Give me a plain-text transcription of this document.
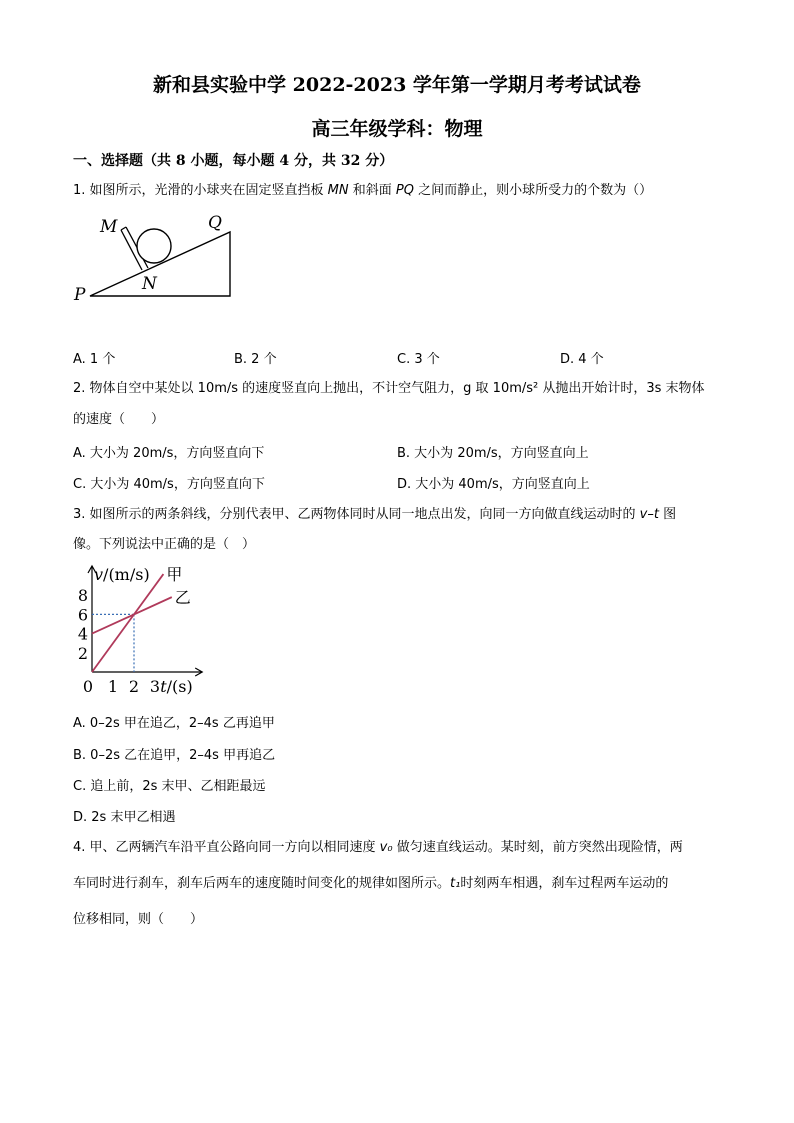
新和县实验中学 2022-2023 学年第一学期月考考试试卷
高三年级学科：物理
一、选择题（共 8 小题，每小题 4 分，共 32 分）
1. 如图所示，光滑的小球夹在固定竖直挡板 MN 和斜面 PQ 之间而静止，则小球所受力的个数为（）
M	Q
N
P
A. 1 个	B. 2 个	C. 3 个	D. 4 个
2. 物体自空中某处以 10m/s 的速度竖直向上抛出，不计空气阻力，g 取 10m/s² 从抛出开始计时，3s 末物体
的速度（　　）
A. 大小为 20m/s，方向竖直向下	B. 大小为 20m/s，方向竖直向上
C. 大小为 40m/s，方向竖直向下	D. 大小为 40m/s，方向竖直向上
3. 如图所示的两条斜线，分别代表甲、乙两物体同时从同一地点出发，向同一方向做直线运动时的 v–t 图
像。下列说法中正确的是（　）
v/(m/s)
t/(s)
0 1 2 3
2
4
6
8
甲
乙
A. 0–2s 甲在追乙，2–4s 乙再追甲
B. 0–2s 乙在追甲，2–4s 甲再追乙
C. 追上前，2s 末甲、乙相距最远
D. 2s 末甲乙相遇
4. 甲、乙两辆汽车沿平直公路向同一方向以相同速度 v₀ 做匀速直线运动。某时刻，前方突然出现险情，两
车同时进行刹车，刹车后两车的速度随时间变化的规律如图所示。t₁时刻两车相遇，刹车过程两车运动的
位移相同，则（　　）
